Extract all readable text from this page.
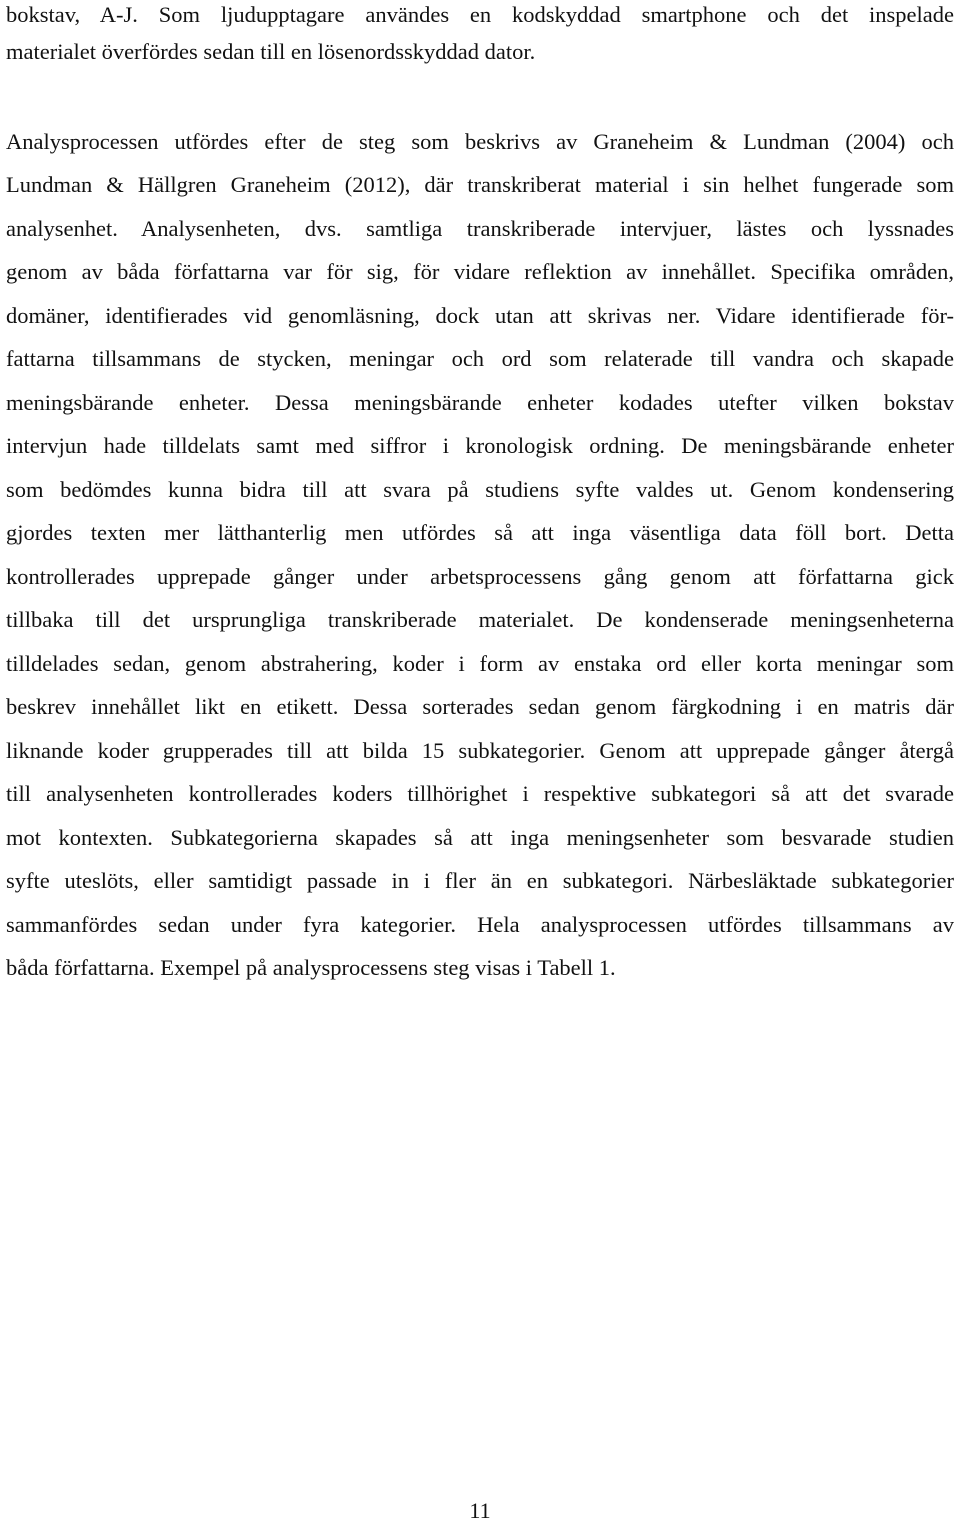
bokstav, A-J. Som ljudupptagare användes en kodskyddad smartphone och det inspelade
materialet överfördes sedan till en lösenordsskyddad dator.
Analysprocessen utfördes efter de steg som beskrivs av Graneheim & Lundman (2004) och
Lundman & Hällgren Graneheim (2012), där transkriberat material i sin helhet fungerade som
analysenhet. Analysenheten, dvs. samtliga transkriberade intervjuer, lästes och lyssnades
genom av båda författarna var för sig, för vidare reflektion av innehållet. Specifika områden,
domäner, identifierades vid genomläsning, dock utan att skrivas ner. Vidare identifierade för-
fattarna tillsammans de stycken, meningar och ord som relaterade till vandra och skapade
meningsbärande enheter. Dessa meningsbärande enheter kodades utefter vilken bokstav
intervjun hade tilldelats samt med siffror i kronologisk ordning. De meningsbärande enheter
som bedömdes kunna bidra till att svara på studiens syfte valdes ut. Genom kondensering
gjordes texten mer lätthanterlig men utfördes så att inga väsentliga data föll bort. Detta
kontrollerades upprepade gånger under arbetsprocessens gång genom att författarna gick
tillbaka till det ursprungliga transkriberade materialet. De kondenserade meningsenheterna
tilldelades sedan, genom abstrahering, koder i form av enstaka ord eller korta meningar som
beskrev innehållet likt en etikett. Dessa sorterades sedan genom färgkodning i en matris där
liknande koder grupperades till att bilda 15 subkategorier. Genom att upprepade gånger återgå
till analysenheten kontrollerades koders tillhörighet i respektive subkategori så att det svarade
mot kontexten. Subkategorierna skapades så att inga meningsenheter som besvarade studien
syfte uteslöts, eller samtidigt passade in i fler än en subkategori. Närbesläktade subkategorier
sammanfördes sedan under fyra kategorier. Hela analysprocessen utfördes tillsammans av
båda författarna. Exempel på analysprocessens steg visas i Tabell 1.
11
